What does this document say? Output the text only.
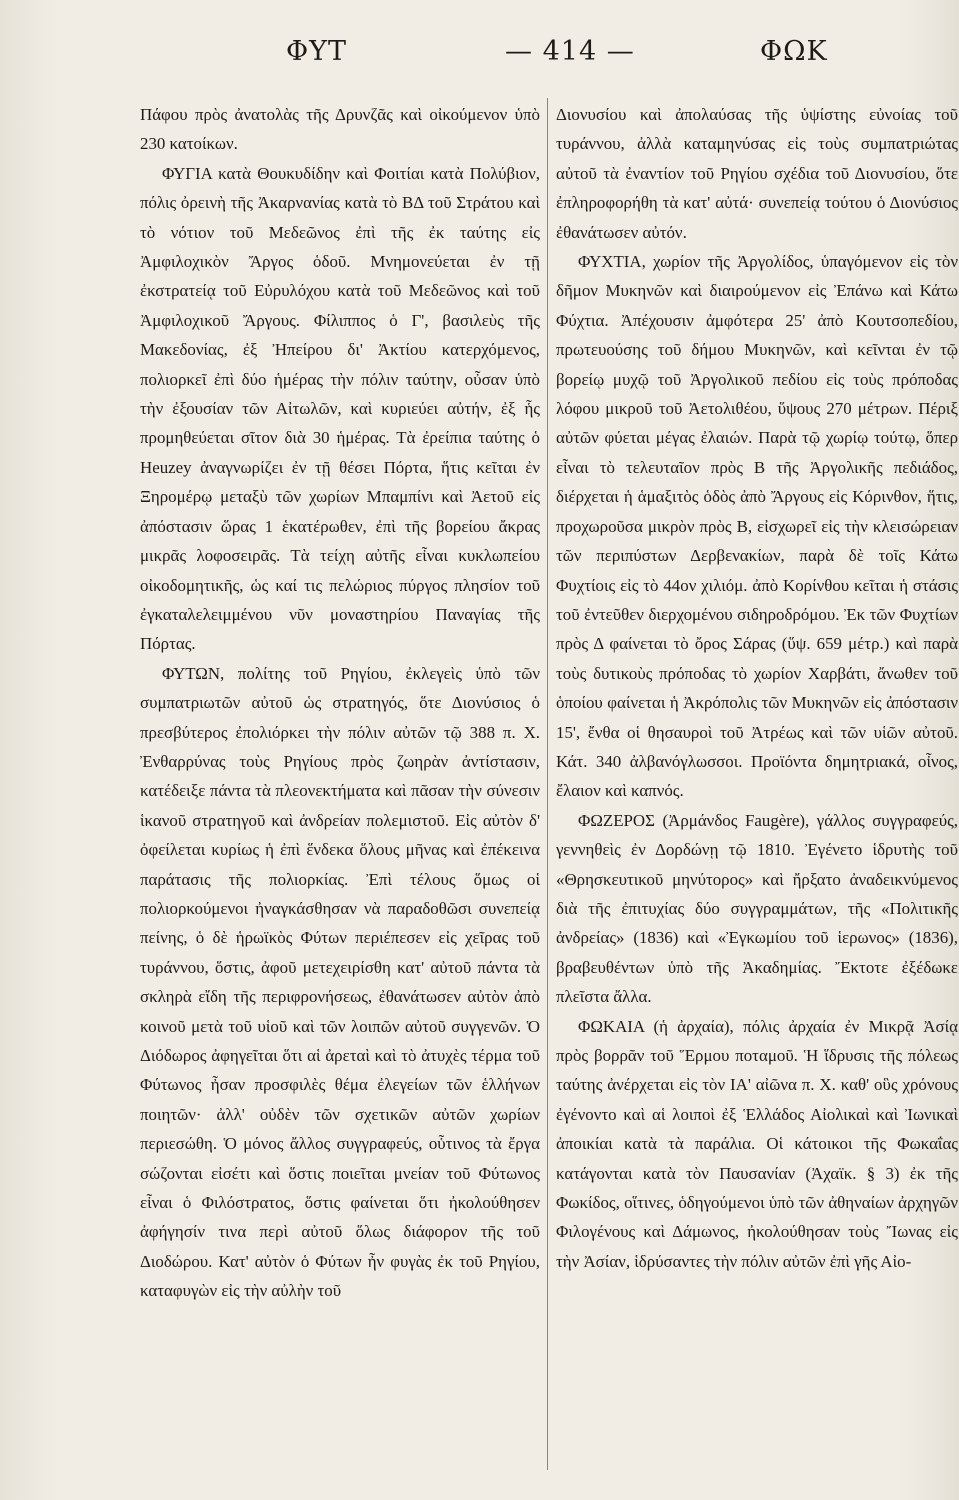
ΦΥΤ	— 414 —	ΦΩΚ

Πάφου πρὸς ἀνατολὰς τῆς Δρυνζᾶς καὶ οἰκούμενον ὑπὸ 230 κατοίκων.

ΦΥΓΙΑ κατὰ Θουκυδίδην καὶ Φοιτίαι κατὰ Πολύβιον, πόλις ὀρεινὴ τῆς Ἀκαρνανίας κατὰ τὸ ΒΔ τοῦ Στράτου καὶ τὸ νότιον τοῦ Μεδεῶνος ἐπὶ τῆς ἐκ ταύτης εἰς Ἀμφιλοχικὸν Ἄργος ὁδοῦ. Μνημονεύεται ἐν τῇ ἐκστρατείᾳ τοῦ Εὐρυλόχου κατὰ τοῦ Μεδεῶνος καὶ τοῦ Ἀμφιλοχικοῦ Ἄργους. Φίλιππος ὁ Γ', βασιλεὺς τῆς Μακεδονίας, ἐξ Ἠπείρου δι' Ἀκτίου κατερχόμενος, πολιορκεῖ ἐπὶ δύο ἡμέρας τὴν πόλιν ταύτην, οὖσαν ὑπὸ τὴν ἐξουσίαν τῶν Αἰτωλῶν, καὶ κυριεύει αὐτήν, ἐξ ἧς προμηθεύεται σῖτον διὰ 30 ἡμέρας. Τὰ ἐρείπια ταύτης ὁ Heuzey ἀναγνωρίζει ἐν τῇ θέσει Πόρτα, ἥτις κεῖται ἐν Ξηρομέρῳ μεταξὺ τῶν χωρίων Μπαμπίνι καὶ Ἀετοῦ εἰς ἀπόστασιν ὥρας 1 ἑκατέρωθεν, ἐπὶ τῆς βορείου ἄκρας μικρᾶς λοφοσειρᾶς. Τὰ τείχη αὐτῆς εἶναι κυκλωπείου οἰκοδομητικῆς, ὡς καί τις πελώριος πύργος πλησίον τοῦ ἐγκαταλελειμμένου νῦν μοναστηρίου Παναγίας τῆς Πόρτας.

ΦΥΤΩΝ, πολίτης τοῦ Ρηγίου, ἐκλεγεὶς ὑπὸ τῶν συμπατριωτῶν αὐτοῦ ὡς στρατηγός, ὅτε Διονύσιος ὁ πρεσβύτερος ἐπολιόρκει τὴν πόλιν αὐτῶν τῷ 388 π. Χ. Ἐνθαρρύνας τοὺς Ρηγίους πρὸς ζωηρὰν ἀντίστασιν, κατέδειξε πάντα τὰ πλεονεκτήματα καὶ πᾶσαν τὴν σύνεσιν ἱκανοῦ στρατηγοῦ καὶ ἀνδρείαν πολεμιστοῦ. Εἰς αὐτὸν δ' ὀφείλεται κυρίως ἡ ἐπὶ ἕνδεκα ὅλους μῆνας καὶ ἐπέκεινα παράτασις τῆς πολιορκίας. Ἐπὶ τέλους ὅμως οἱ πολιορκούμενοι ἠναγκάσθησαν νὰ παραδοθῶσι συνεπείᾳ πείνης, ὁ δὲ ἡρωϊκὸς Φύτων περιέπεσεν εἰς χεῖρας τοῦ τυράννου, ὅστις, ἀφοῦ μετεχειρίσθη κατ' αὐτοῦ πάντα τὰ σκληρὰ εἴδη τῆς περιφρονήσεως, ἐθανάτωσεν αὐτὸν ἀπὸ κοινοῦ μετὰ τοῦ υἱοῦ καὶ τῶν λοιπῶν αὐτοῦ συγγενῶν. Ὁ Διόδωρος ἀφηγεῖται ὅτι αἱ ἀρεταὶ καὶ τὸ ἀτυχὲς τέρμα τοῦ Φύτωνος ἦσαν προσφιλὲς θέμα ἐλεγείων τῶν ἑλλήνων ποιητῶν· ἀλλ' οὐδὲν τῶν σχετικῶν αὐτῶν χωρίων περιεσώθη. Ὁ μόνος ἄλλος συγγραφεύς, οὗτινος τὰ ἔργα σώζονται εἰσέτι καὶ ὅστις ποιεῖται μνείαν τοῦ Φύτωνος εἶναι ὁ Φιλόστρατος, ὅστις φαίνεται ὅτι ἠκολούθησεν ἀφήγησίν τινα περὶ αὐτοῦ ὅλως διάφορον τῆς τοῦ Διοδώρου. Κατ' αὐτὸν ὁ Φύτων ἦν φυγὰς ἐκ τοῦ Ρηγίου, καταφυγὼν εἰς τὴν αὐλὴν τοῦ

Διονυσίου καὶ ἀπολαύσας τῆς ὑψίστης εὐνοίας τοῦ τυράννου, ἀλλὰ καταμηνύσας εἰς τοὺς συμπατριώτας αὐτοῦ τὰ ἐναντίον τοῦ Ρηγίου σχέδια τοῦ Διονυσίου, ὅτε ἐπληροφορήθη τὰ κατ' αὐτά· συνεπείᾳ τούτου ὁ Διονύσιος ἐθανάτωσεν αὐτόν.

ΦΥΧΤΙΑ, χωρίον τῆς Ἀργολίδος, ὑπαγόμενον εἰς τὸν δῆμον Μυκηνῶν καὶ διαιρούμενον εἰς Ἐπάνω καὶ Κάτω Φύχτια. Ἀπέχουσιν ἀμφότερα 25' ἀπὸ Κουτσοπεδίου, πρωτευούσης τοῦ δήμου Μυκηνῶν, καὶ κεῖνται ἐν τῷ βορείῳ μυχῷ τοῦ Ἀργολικοῦ πεδίου εἰς τοὺς πρόποδας λόφου μικροῦ τοῦ Ἀετολιθέου, ὕψους 270 μέτρων. Πέριξ αὐτῶν φύεται μέγας ἐλαιών. Παρὰ τῷ χωρίῳ τούτῳ, ὅπερ εἶναι τὸ τελευταῖον πρὸς Β τῆς Ἀργολικῆς πεδιάδος, διέρχεται ἡ ἁμαξιτὸς ὁδὸς ἀπὸ Ἄργους εἰς Κόρινθον, ἥτις, προχωροῦσα μικρὸν πρὸς Β, εἰσχωρεῖ εἰς τὴν κλεισώρειαν τῶν περιπύστων Δερβενακίων, παρὰ δὲ τοῖς Κάτω Φυχτίοις εἰς τὸ 44ον χιλιόμ. ἀπὸ Κορίνθου κεῖται ἡ στάσις τοῦ ἐντεῦθεν διερχομένου σιδηροδρόμου. Ἐκ τῶν Φυχτίων πρὸς Δ φαίνεται τὸ ὄρος Σάρας (ὕψ. 659 μέτρ.) καὶ παρὰ τοὺς δυτικοὺς πρόποδας τὸ χωρίον Χαρβάτι, ἄνωθεν τοῦ ὁποίου φαίνεται ἡ Ἀκρόπολις τῶν Μυκηνῶν εἰς ἀπόστασιν 15', ἔνθα οἱ θησαυροὶ τοῦ Ἀτρέως καὶ τῶν υἱῶν αὐτοῦ. Κάτ. 340 ἀλβανόγλωσσοι. Προϊόντα δημητριακά, οἶνος, ἔλαιον καὶ καπνός.

ΦΩΖΕΡΟΣ (Ἀρμάνδος Faugère), γάλλος συγγραφεύς, γεννηθεὶς ἐν Δορδώνῃ τῷ 1810. Ἐγένετο ἱδρυτὴς τοῦ «Θρησκευτικοῦ μηνύτορος» καὶ ἤρξατο ἀναδεικνύμενος διὰ τῆς ἐπιτυχίας δύο συγγραμμάτων, τῆς «Πολιτικῆς ἀνδρείας» (1836) καὶ «Ἐγκωμίου τοῦ ἱερωνος» (1836), βραβευθέντων ὑπὸ τῆς Ἀκαδημίας. Ἔκτοτε ἐξέδωκε πλεῖστα ἄλλα.

ΦΩΚΑΙΑ (ἡ ἀρχαία), πόλις ἀρχαία ἐν Μικρᾷ Ἀσίᾳ πρὸς βορρᾶν τοῦ Ἕρμου ποταμοῦ. Ἡ ἵδρυσις τῆς πόλεως ταύτης ἀνέρχεται εἰς τὸν ΙΑ' αἰῶνα π. Χ. καθ' οὓς χρόνους ἐγένοντο καὶ αἱ λοιποὶ ἐξ Ἑλλάδος Αἰολικαὶ καὶ Ἰωνικαὶ ἀποικίαι κατὰ τὰ παράλια. Οἱ κάτοικοι τῆς Φωκαΐας κατάγονται κατὰ τὸν Παυσανίαν (Ἀχαϊκ. § 3) ἐκ τῆς Φωκίδος, οἵτινες, ὁδηγούμενοι ὑπὸ τῶν ἀθηναίων ἀρχηγῶν Φιλογένους καὶ Δάμωνος, ἠκολούθησαν τοὺς Ἴωνας εἰς τὴν Ἀσίαν, ἱδρύσαντες τὴν πόλιν αὐτῶν ἐπὶ γῆς Αἰο-
